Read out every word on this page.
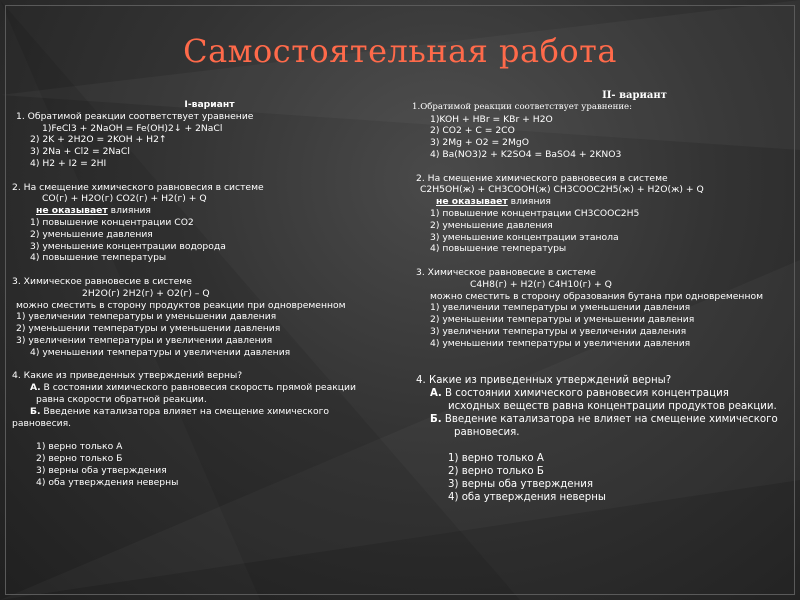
Самостоятельная работа
I-вариант
1. Обратимой реакции соответствует уравнение
1)FeCl3 + 2NaOH = Fe(OH)2↓ + 2NaCl
2) 2K + 2H2O = 2KOH + H2↑
3) 2Na + Cl2 = 2NaCl
4) H2 + I2 = 2HI
2. На смещение химического равновесия в системе
CO(г) + H2O(г) CO2(г) + H2(г) + Q
не оказывает влияния
1) повышение концентрации CO2
2) уменьшение давления
3) уменьшение концентрации водорода
4) повышение температуры
3. Химическое равновесие в системе
2H2O(г) 2H2(г) + O2(г) – Q
можно сместить в сторону продуктов реакции при одновременном
1) увеличении температуры и уменьшении давления
2) уменьшении температуры и уменьшении давления
3) увеличении температуры и увеличении давления
4) уменьшении температуры и увеличении давления
4. Какие из приведенных утверждений верны?
А. В состоянии химического равновесия скорость прямой реакции
равна скорости обратной реакции.
Б. Введение катализатора влияет на смещение химического
равновесия.
1) верно только А
2) верно только Б
3) верны оба утверждения
4) оба утверждения неверны
II- вариант
1.Обратимой реакции соответствует уравнение:
1)KOH + HBr = KBr + H2O
2) CO2 + C = 2CO
3) 2Mg + O2 = 2MgO
4) Ba(NO3)2 + K2SO4 = BaSO4 + 2KNO3
2. На смещение химического равновесия в системе
C2H5OH(ж) + CH3COOH(ж) CH3COOC2H5(ж) + H2O(ж) + Q
не оказывает влияния
1) повышение концентрации CH3COOC2H5
2) уменьшение давления
3) уменьшение концентрации этанола
4) повышение температуры
3. Химическое равновесие в системе
C4H8(г) + H2(г) C4H10(г) + Q
можно сместить в сторону образования бутана при одновременном
1) увеличении температуры и уменьшении давления
2) уменьшении температуры и уменьшении давления
3) увеличении температуры и увеличении давления
4) уменьшении температуры и увеличении давления
4. Какие из приведенных утверждений верны?
А. В состоянии химического равновесия концентрация
исходных веществ равна концентрации продуктов реакции.
Б. Введение катализатора не влияет на смещение химического
равновесия.
1) верно только А
2) верно только Б
3) верны оба утверждения
4) оба утверждения неверны
